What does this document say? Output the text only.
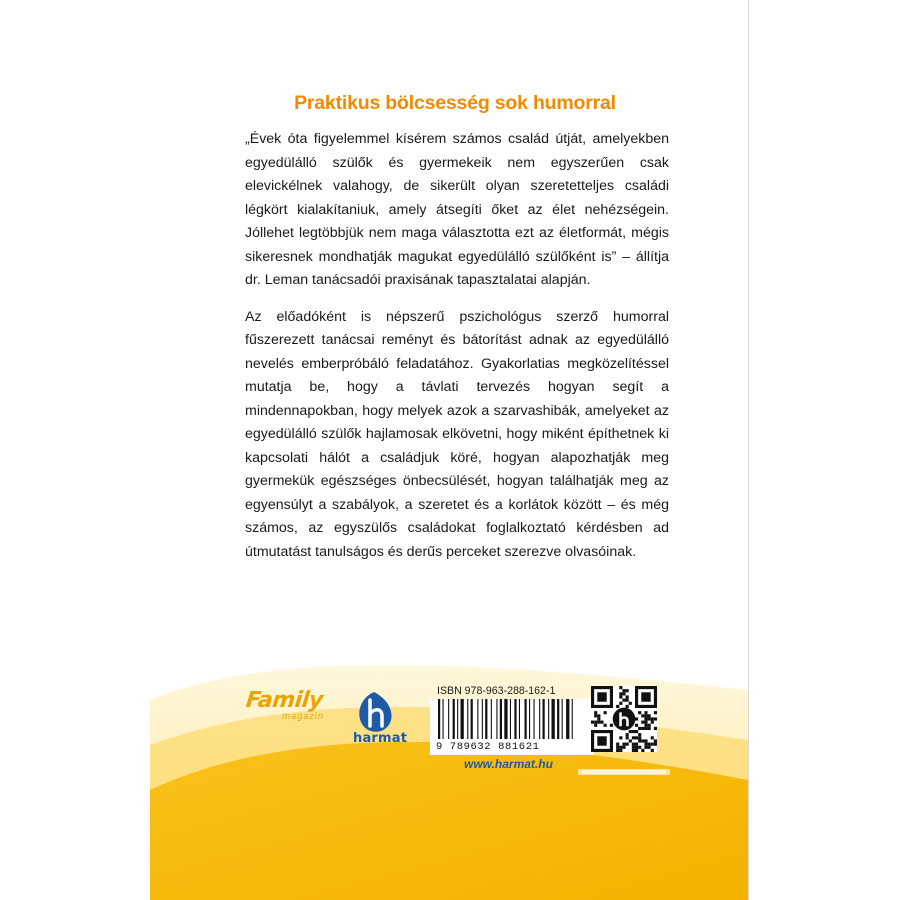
Praktikus bölcsesség sok humorral

„Évek óta figyelemmel kísérem számos család útját, amelyekben egyedülálló szülők és gyermekeik nem egyszerűen csak elevickélnek valahogy, de sikerült olyan szeretetteljes családi légkört kialakítaniuk, amely átsegíti őket az élet nehézségein. Jóllehet legtöbbjük nem maga választotta ezt az életformát, mégis sikeresnek mondhatják magukat egyedülálló szülőként is” – állítja dr. Leman tanácsadói praxisának tapasztalatai alapján.

Az előadóként is népszerű pszichológus szerző humorral fűszerezett tanácsai reményt és bátorítást adnak az egyedülálló nevelés emberpróbáló feladatához. Gyakorlatias megközelítéssel mutatja be, hogy a távlati tervezés hogyan segít a mindennapokban, hogy melyek azok a szarvashibák, amelyeket az egyedülálló szülők hajlamosak elkövetni, hogy miként építhetnek ki kapcsolati hálót a családjuk köré, hogyan alapozhatják meg gyermekük egészséges önbecsülését, hogyan találhatják meg az egyensúlyt a szabályok, a szeretet és a korlátok között – és még számos, az egyszülős családokat foglalkoztató kérdésben ad útmutatást tanulságos és derűs perceket szerezve olvasóinak.

Family
magazin
harmat
ISBN 978-963-288-162-1
9 789632 881621
www.harmat.hu
